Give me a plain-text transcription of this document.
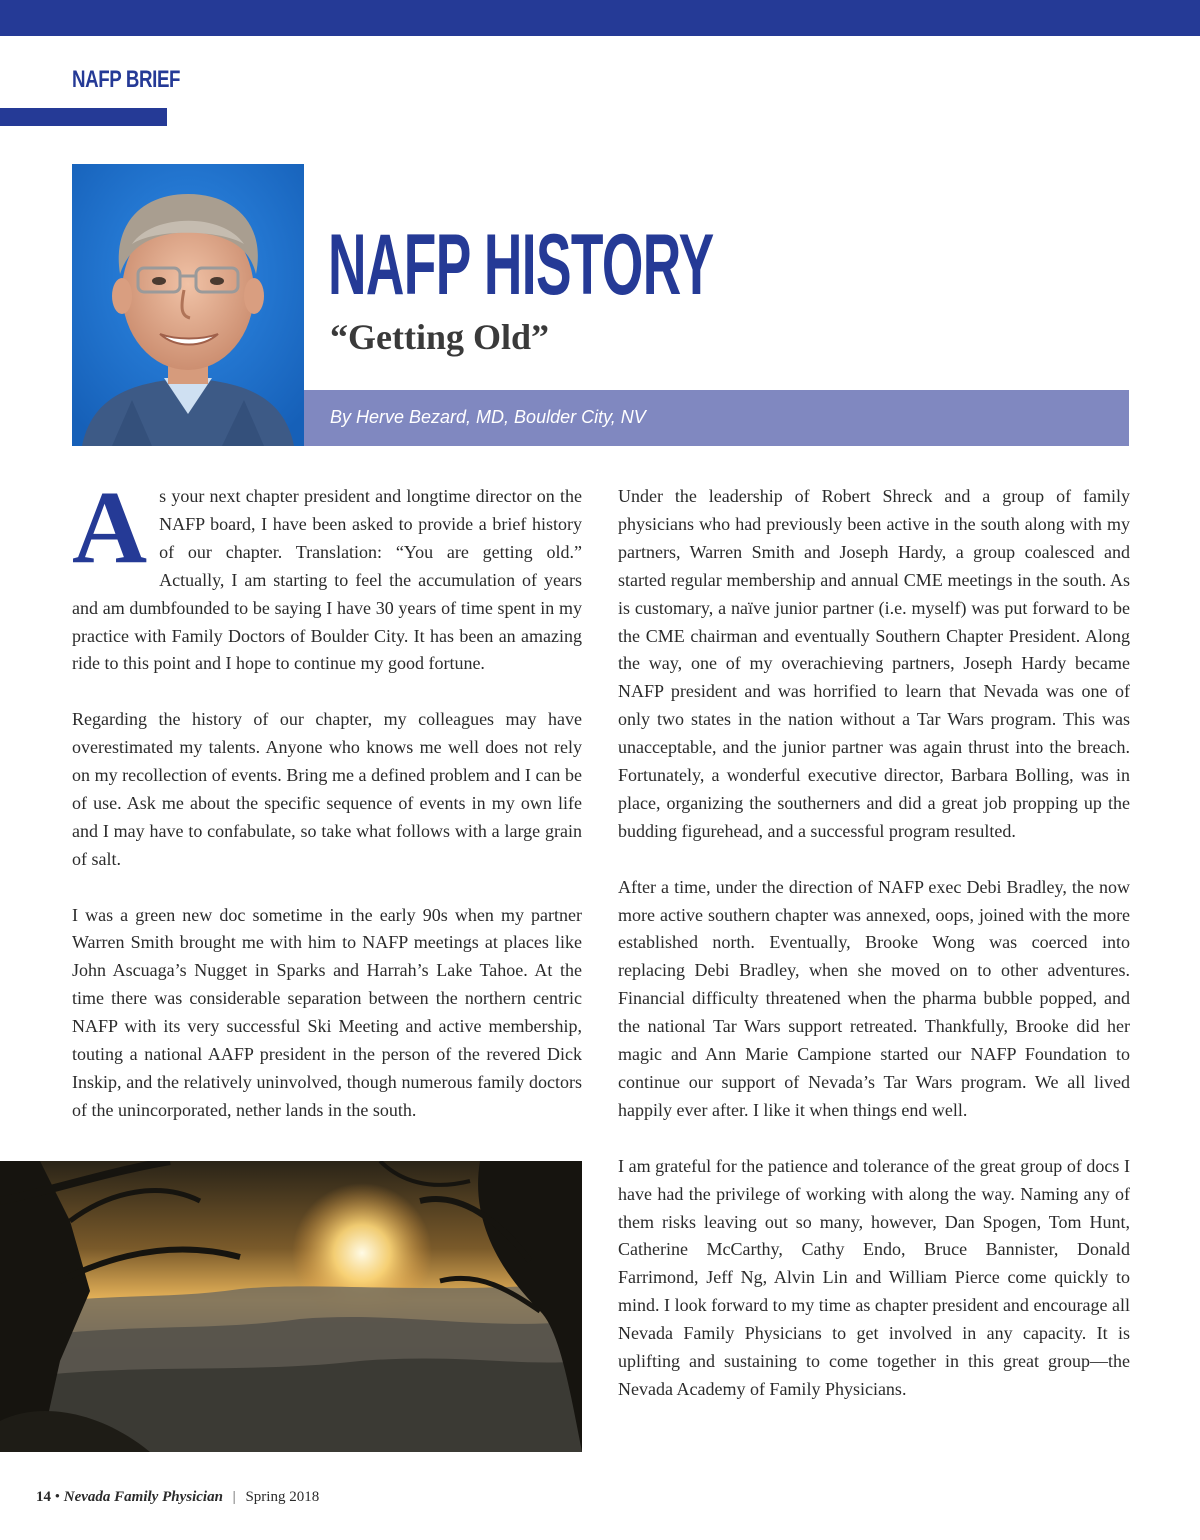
NAFP BRIEF
NAFP HISTORY
“Getting Old”
By Herve Bezard, MD, Boulder City, NV

As your next chapter president and longtime director on the NAFP board, I have been asked to provide a brief history of our chapter. Translation: “You are getting old.” Actually, I am starting to feel the accumulation of years and am dumbfounded to be saying I have 30 years of time spent in my practice with Family Doctors of Boulder City. It has been an amazing ride to this point and I hope to continue my good fortune.

Regarding the history of our chapter, my colleagues may have overestimated my talents. Anyone who knows me well does not rely on my recollection of events. Bring me a defined problem and I can be of use. Ask me about the specific sequence of events in my own life and I may have to confabulate, so take what follows with a large grain of salt.

I was a green new doc sometime in the early 90s when my partner Warren Smith brought me with him to NAFP meetings at places like John Ascuaga’s Nugget in Sparks and Harrah’s Lake Tahoe. At the time there was considerable separation between the northern centric NAFP with its very successful Ski Meeting and active membership, touting a national AAFP president in the person of the revered Dick Inskip, and the relatively uninvolved, though numerous family doctors of the unincorporated, nether lands in the south.

Under the leadership of Robert Shreck and a group of family physicians who had previously been active in the south along with my partners, Warren Smith and Joseph Hardy, a group coalesced and started regular membership and annual CME meetings in the south. As is customary, a naïve junior partner (i.e. myself) was put forward to be the CME chairman and eventually Southern Chapter President. Along the way, one of my overachieving partners, Joseph Hardy became NAFP president and was horrified to learn that Nevada was one of only two states in the nation without a Tar Wars program. This was unacceptable, and the junior partner was again thrust into the breach. Fortunately, a wonderful executive director, Barbara Bolling, was in place, organizing the southerners and did a great job propping up the budding figurehead, and a successful program resulted.

After a time, under the direction of NAFP exec Debi Bradley, the now more active southern chapter was annexed, oops, joined with the more established north. Eventually, Brooke Wong was coerced into replacing Debi Bradley, when she moved on to other adventures. Financial difficulty threatened when the pharma bubble popped, and the national Tar Wars support retreated. Thankfully, Brooke did her magic and Ann Marie Campione started our NAFP Foundation to continue our support of Nevada’s Tar Wars program. We all lived happily ever after. I like it when things end well.

I am grateful for the patience and tolerance of the great group of docs I have had the privilege of working with along the way. Naming any of them risks leaving out so many, however, Dan Spogen, Tom Hunt, Catherine McCarthy, Cathy Endo, Bruce Bannister, Donald Farrimond, Jeff Ng, Alvin Lin and William Pierce come quickly to mind. I look forward to my time as chapter president and encourage all Nevada Family Physicians to get involved in any capacity. It is uplifting and sustaining to come together in this great group—the Nevada Academy of Family Physicians.

14 • Nevada Family Physician | Spring 2018
